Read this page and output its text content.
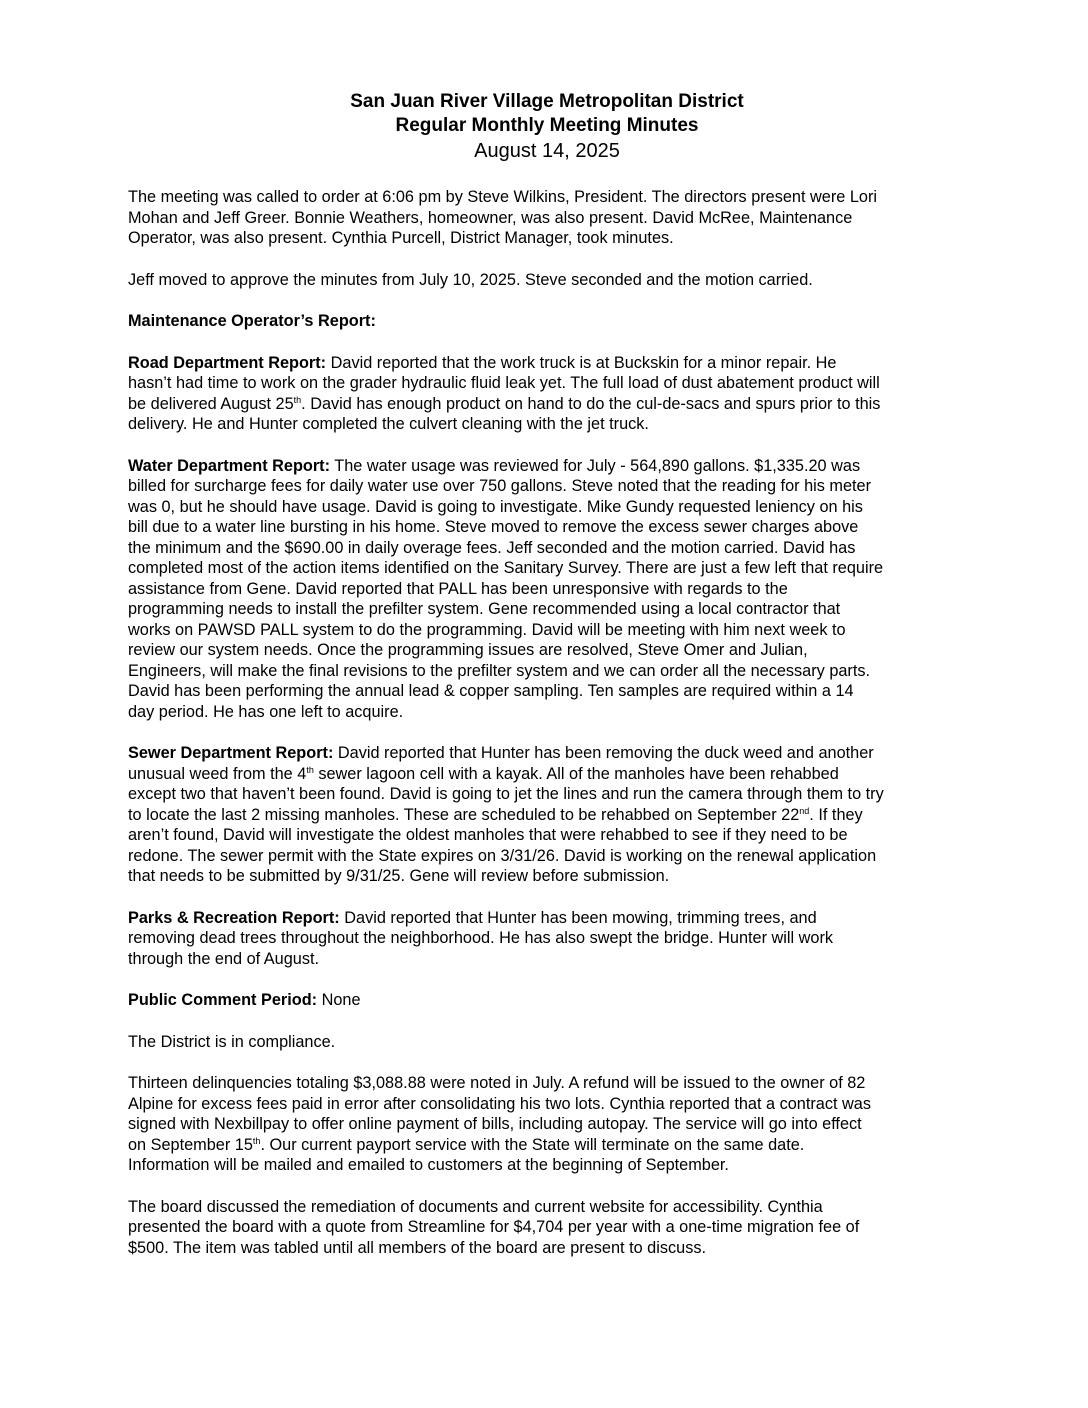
San Juan River Village Metropolitan District
Regular Monthly Meeting Minutes
August 14, 2025

The meeting was called to order at 6:06 pm by Steve Wilkins, President. The directors present were Lori
Mohan and Jeff Greer. Bonnie Weathers, homeowner, was also present. David McRee, Maintenance
Operator, was also present. Cynthia Purcell, District Manager, took minutes.

Jeff moved to approve the minutes from July 10, 2025. Steve seconded and the motion carried.

Maintenance Operator’s Report:

Road Department Report: David reported that the work truck is at Buckskin for a minor repair. He
hasn’t had time to work on the grader hydraulic fluid leak yet. The full load of dust abatement product will
be delivered August 25th. David has enough product on hand to do the cul-de-sacs and spurs prior to this
delivery. He and Hunter completed the culvert cleaning with the jet truck.

Water Department Report: The water usage was reviewed for July - 564,890 gallons. $1,335.20 was
billed for surcharge fees for daily water use over 750 gallons. Steve noted that the reading for his meter
was 0, but he should have usage. David is going to investigate. Mike Gundy requested leniency on his
bill due to a water line bursting in his home. Steve moved to remove the excess sewer charges above
the minimum and the $690.00 in daily overage fees. Jeff seconded and the motion carried. David has
completed most of the action items identified on the Sanitary Survey. There are just a few left that require
assistance from Gene. David reported that PALL has been unresponsive with regards to the
programming needs to install the prefilter system. Gene recommended using a local contractor that
works on PAWSD PALL system to do the programming. David will be meeting with him next week to
review our system needs. Once the programming issues are resolved, Steve Omer and Julian,
Engineers, will make the final revisions to the prefilter system and we can order all the necessary parts.
David has been performing the annual lead & copper sampling. Ten samples are required within a 14
day period. He has one left to acquire.

Sewer Department Report: David reported that Hunter has been removing the duck weed and another
unusual weed from the 4th sewer lagoon cell with a kayak. All of the manholes have been rehabbed
except two that haven’t been found. David is going to jet the lines and run the camera through them to try
to locate the last 2 missing manholes. These are scheduled to be rehabbed on September 22nd. If they
aren’t found, David will investigate the oldest manholes that were rehabbed to see if they need to be
redone. The sewer permit with the State expires on 3/31/26. David is working on the renewal application
that needs to be submitted by 9/31/25. Gene will review before submission.

Parks & Recreation Report: David reported that Hunter has been mowing, trimming trees, and
removing dead trees throughout the neighborhood. He has also swept the bridge. Hunter will work
through the end of August.

Public Comment Period: None

The District is in compliance.

Thirteen delinquencies totaling $3,088.88 were noted in July. A refund will be issued to the owner of 82
Alpine for excess fees paid in error after consolidating his two lots. Cynthia reported that a contract was
signed with Nexbillpay to offer online payment of bills, including autopay. The service will go into effect
on September 15th. Our current payport service with the State will terminate on the same date.
Information will be mailed and emailed to customers at the beginning of September.

The board discussed the remediation of documents and current website for accessibility. Cynthia
presented the board with a quote from Streamline for $4,704 per year with a one-time migration fee of
$500. The item was tabled until all members of the board are present to discuss.
